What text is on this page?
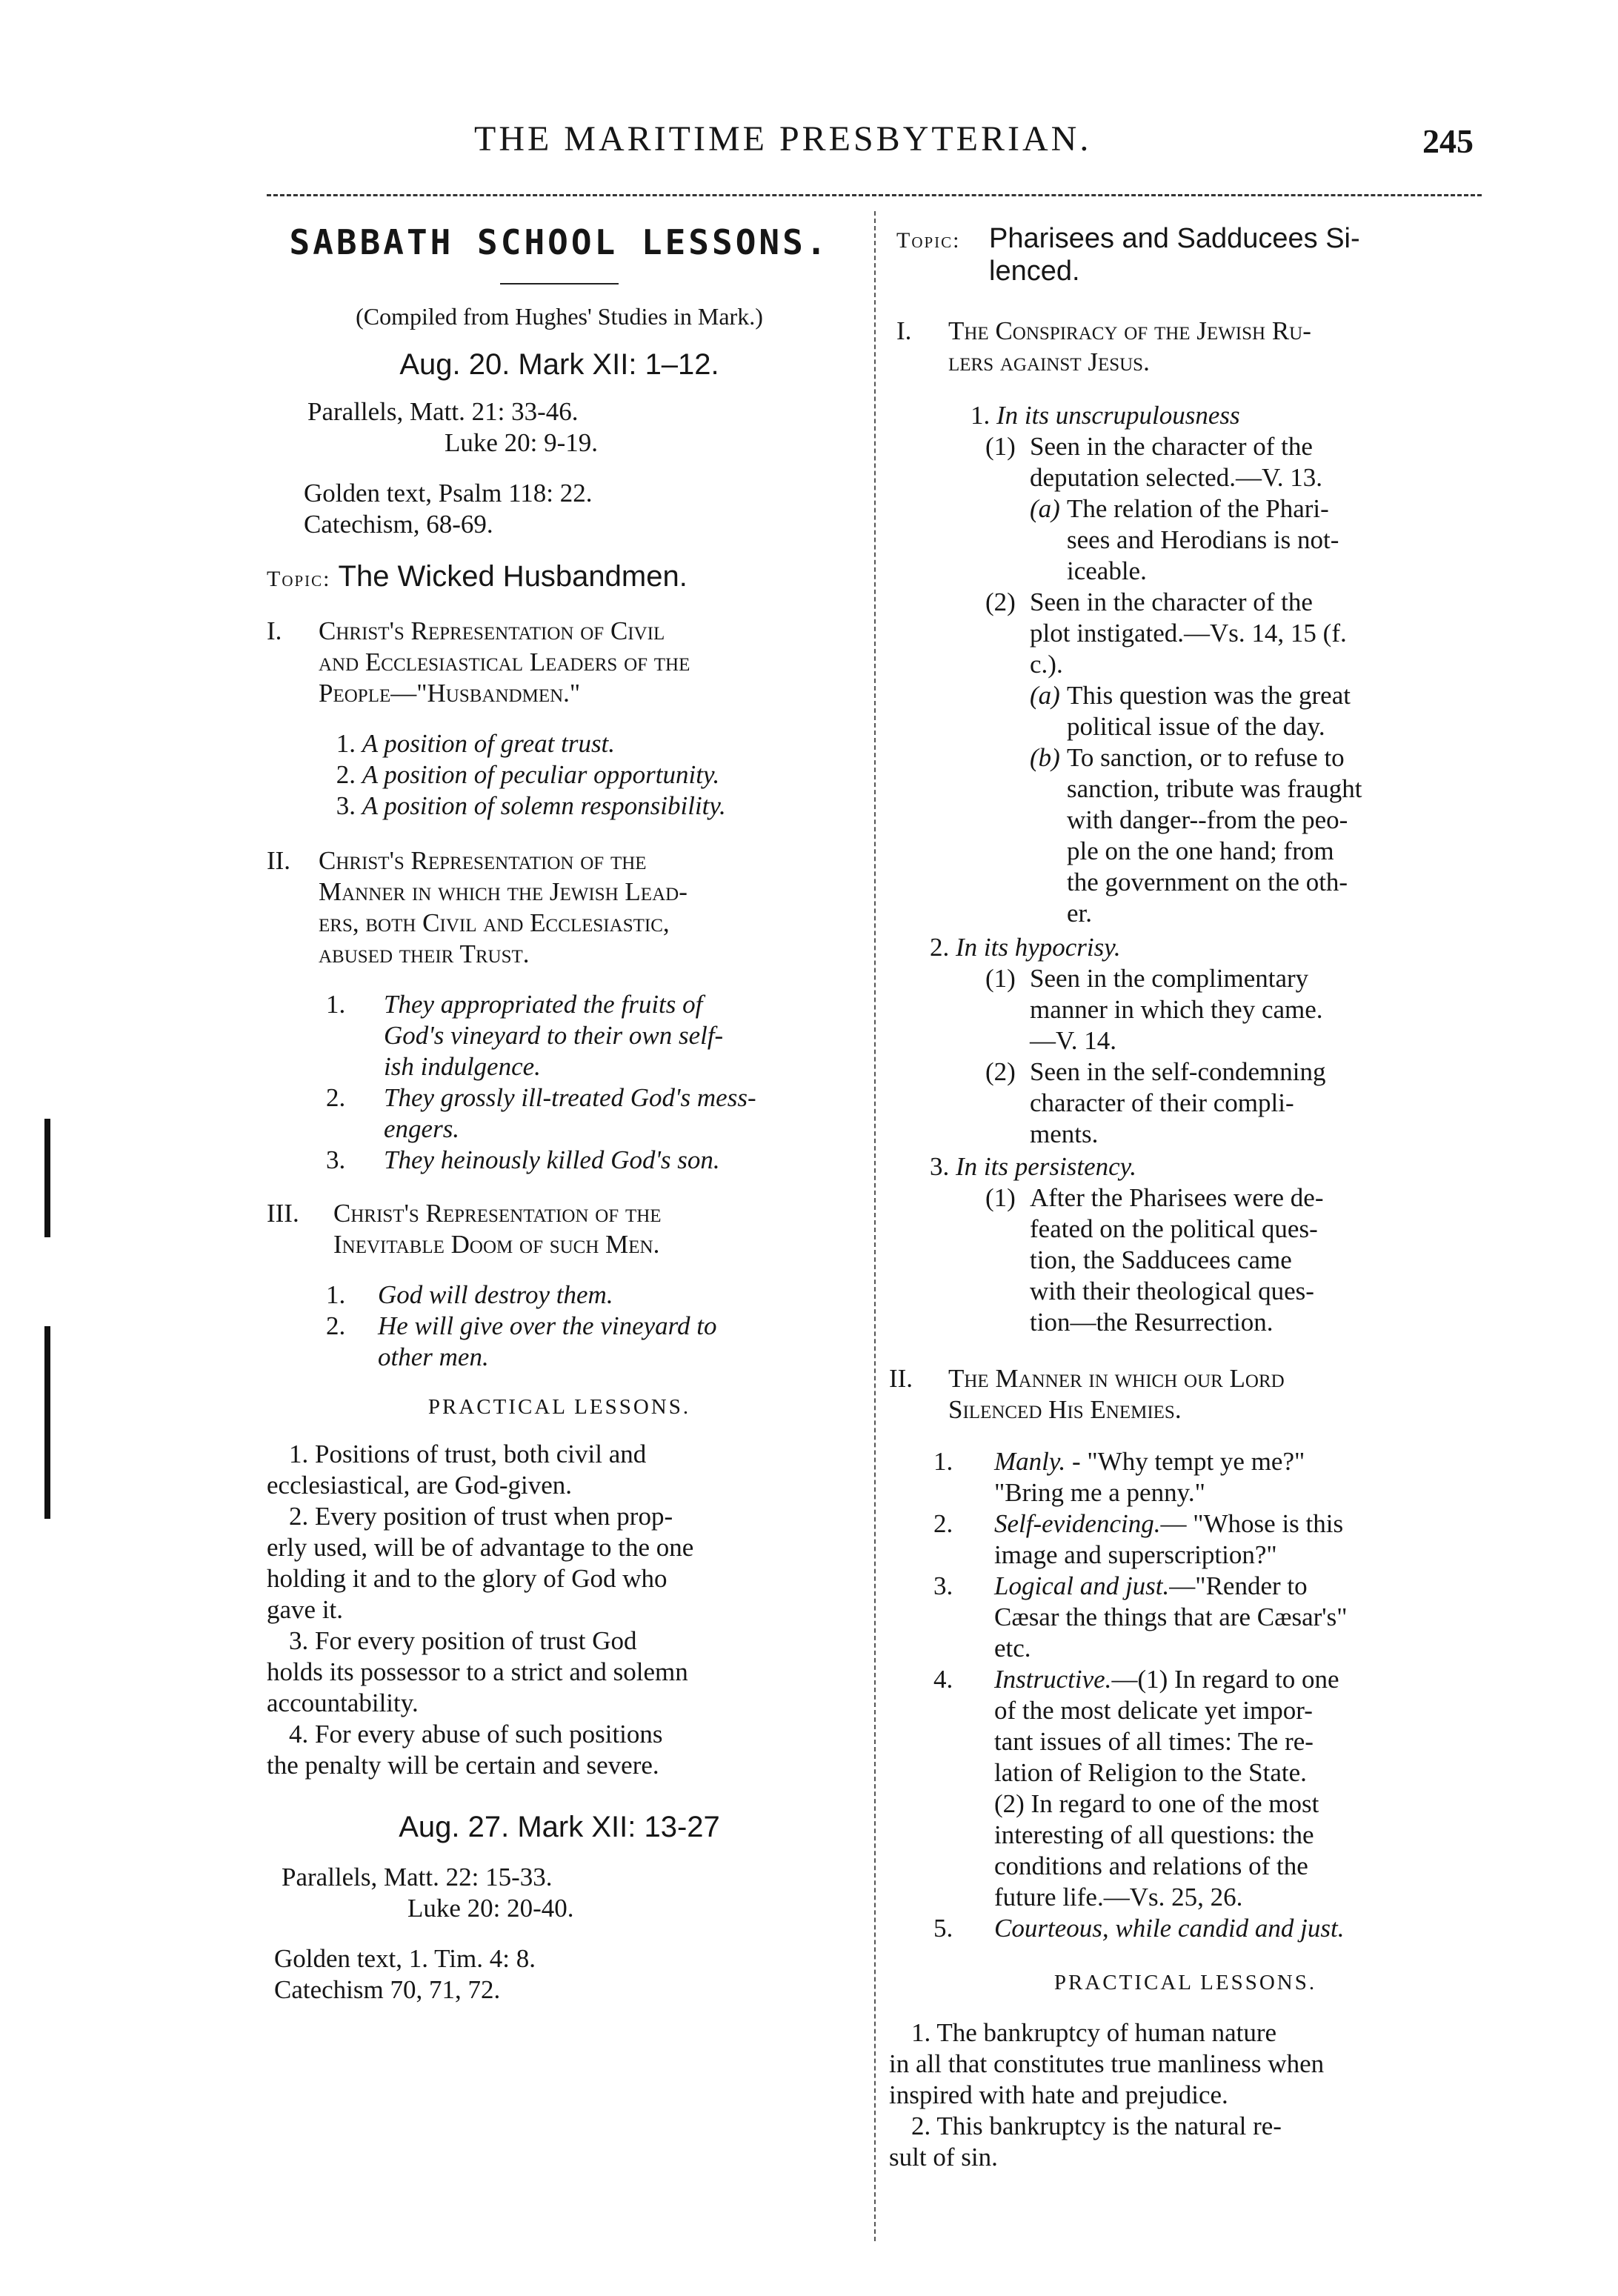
THE MARITIME PRESBYTERIAN.	245
SABBATH SCHOOL LESSONS.
(Compiled from Hughes' Studies in Mark.)
Aug. 20. Mark XII: 1–12.
Parallels, Matt. 21: 33-46.
Luke 20: 9-19.
Golden text, Psalm 118: 22.
Catechism, 68-69.
Topic: The Wicked Husbandmen.
I. Christ's Representation of Civil
and Ecclesiastical Leaders of the
People—"Husbandmen."
1. A position of great trust.
2. A position of peculiar opportunity.
3. A position of solemn responsibility.
II. Christ's Representation of the
Manner in which the Jewish Lead-
ers, both Civil and Ecclesiastic,
abused their Trust.
1. They appropriated the fruits of
God's vineyard to their own self-
ish indulgence.
2. They grossly ill-treated God's mess-
engers.
3. They heinously killed God's son.
III. Christ's Representation of the
Inevitable Doom of such Men.
1. God will destroy them.
2. He will give over the vineyard to
other men.
PRACTICAL LESSONS.
1. Positions of trust, both civil and
ecclesiastical, are God-given.
2. Every position of trust when prop-
erly used, will be of advantage to the one
holding it and to the glory of God who
gave it.
3. For every position of trust God
holds its possessor to a strict and solemn
accountability.
4. For every abuse of such positions
the penalty will be certain and severe.
Aug. 27. Mark XII: 13-27
Parallels, Matt. 22: 15-33.
Luke 20: 20-40.
Golden text, 1. Tim. 4: 8.
Catechism 70, 71, 72.
Topic: Pharisees and Sadducees Si-
lenced.
I. The Conspiracy of the Jewish Ru-
lers against Jesus.
1. In its unscrupulousness
(1) Seen in the character of the
deputation selected.—V. 13.
(a) The relation of the Phari-
sees and Herodians is not-
iceable.
(2) Seen in the character of the
plot instigated.—Vs. 14, 15 (f.
c.).
(a) This question was the great
political issue of the day.
(b) To sanction, or to refuse to
sanction, tribute was fraught
with danger--from the peo-
ple on the one hand; from
the government on the oth-
er.
2. In its hypocrisy.
(1) Seen in the complimentary
manner in which they came.
—V. 14.
(2) Seen in the self-condemning
character of their compli-
ments.
3. In its persistency.
(1) After the Pharisees were de-
feated on the political ques-
tion, the Sadducees came
with their theological ques-
tion—the Resurrection.
II. The Manner in which our Lord
Silenced His Enemies.
1. Manly. - "Why tempt ye me?"
"Bring me a penny."
2. Self-evidencing.— "Whose is this
image and superscription?"
3. Logical and just.—"Render to
Cæsar the things that are Cæsar's"
etc.
4. Instructive.—(1) In regard to one
of the most delicate yet impor-
tant issues of all times: The re-
lation of Religion to the State.
(2) In regard to one of the most
interesting of all questions: the
conditions and relations of the
future life.—Vs. 25, 26.
5. Courteous, while candid and just.
PRACTICAL LESSONS.
1. The bankruptcy of human nature
in all that constitutes true manliness when
inspired with hate and prejudice.
2. This bankruptcy is the natural re-
sult of sin.
